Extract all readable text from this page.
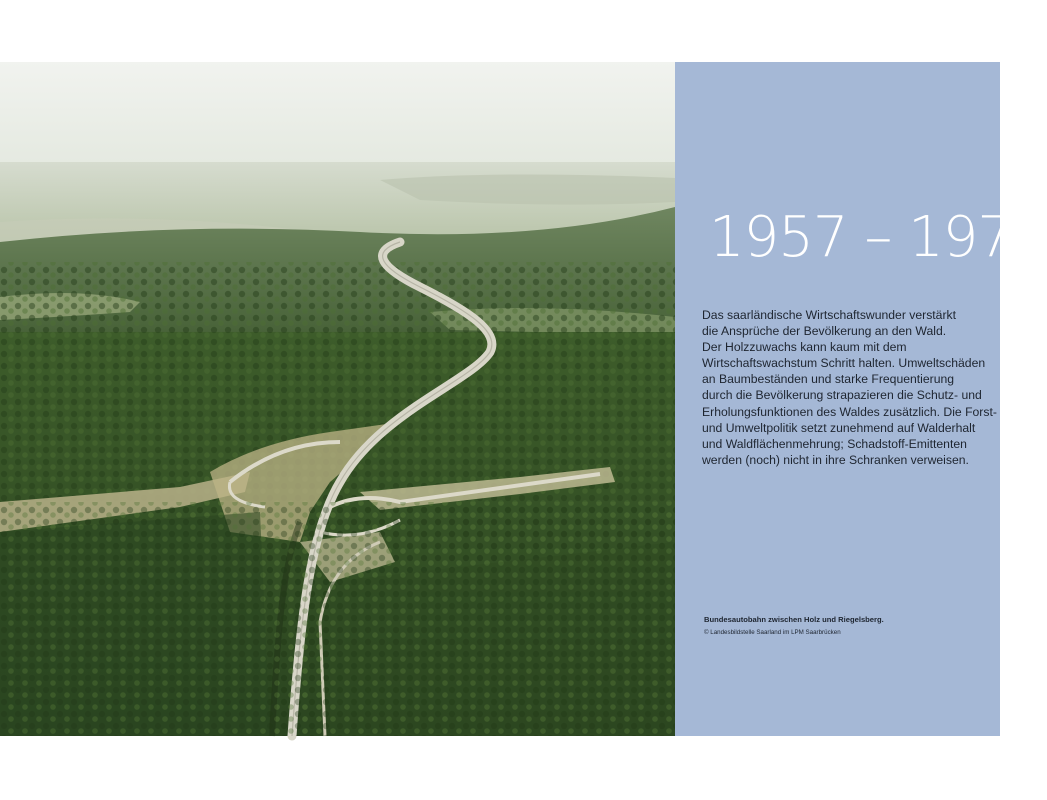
1957 – 1970

Das saarländische Wirtschaftswunder verstärkt
die Ansprüche der Bevölkerung an den Wald.
Der Holzzuwachs kann kaum mit dem
Wirtschaftswachstum Schritt halten. Umweltschäden
an Baumbeständen und starke Frequentierung
durch die Bevölkerung strapazieren die Schutz- und
Erholungsfunktionen des Waldes zusätzlich. Die Forst-
und Umweltpolitik setzt zunehmend auf Walderhalt
und Waldflächenmehrung; Schadstoff-Emittenten
werden (noch) nicht in ihre Schranken verweisen.

Bundesautobahn zwischen Holz und Riegelsberg.

© Landesbildstelle Saarland im LPM Saarbrücken
